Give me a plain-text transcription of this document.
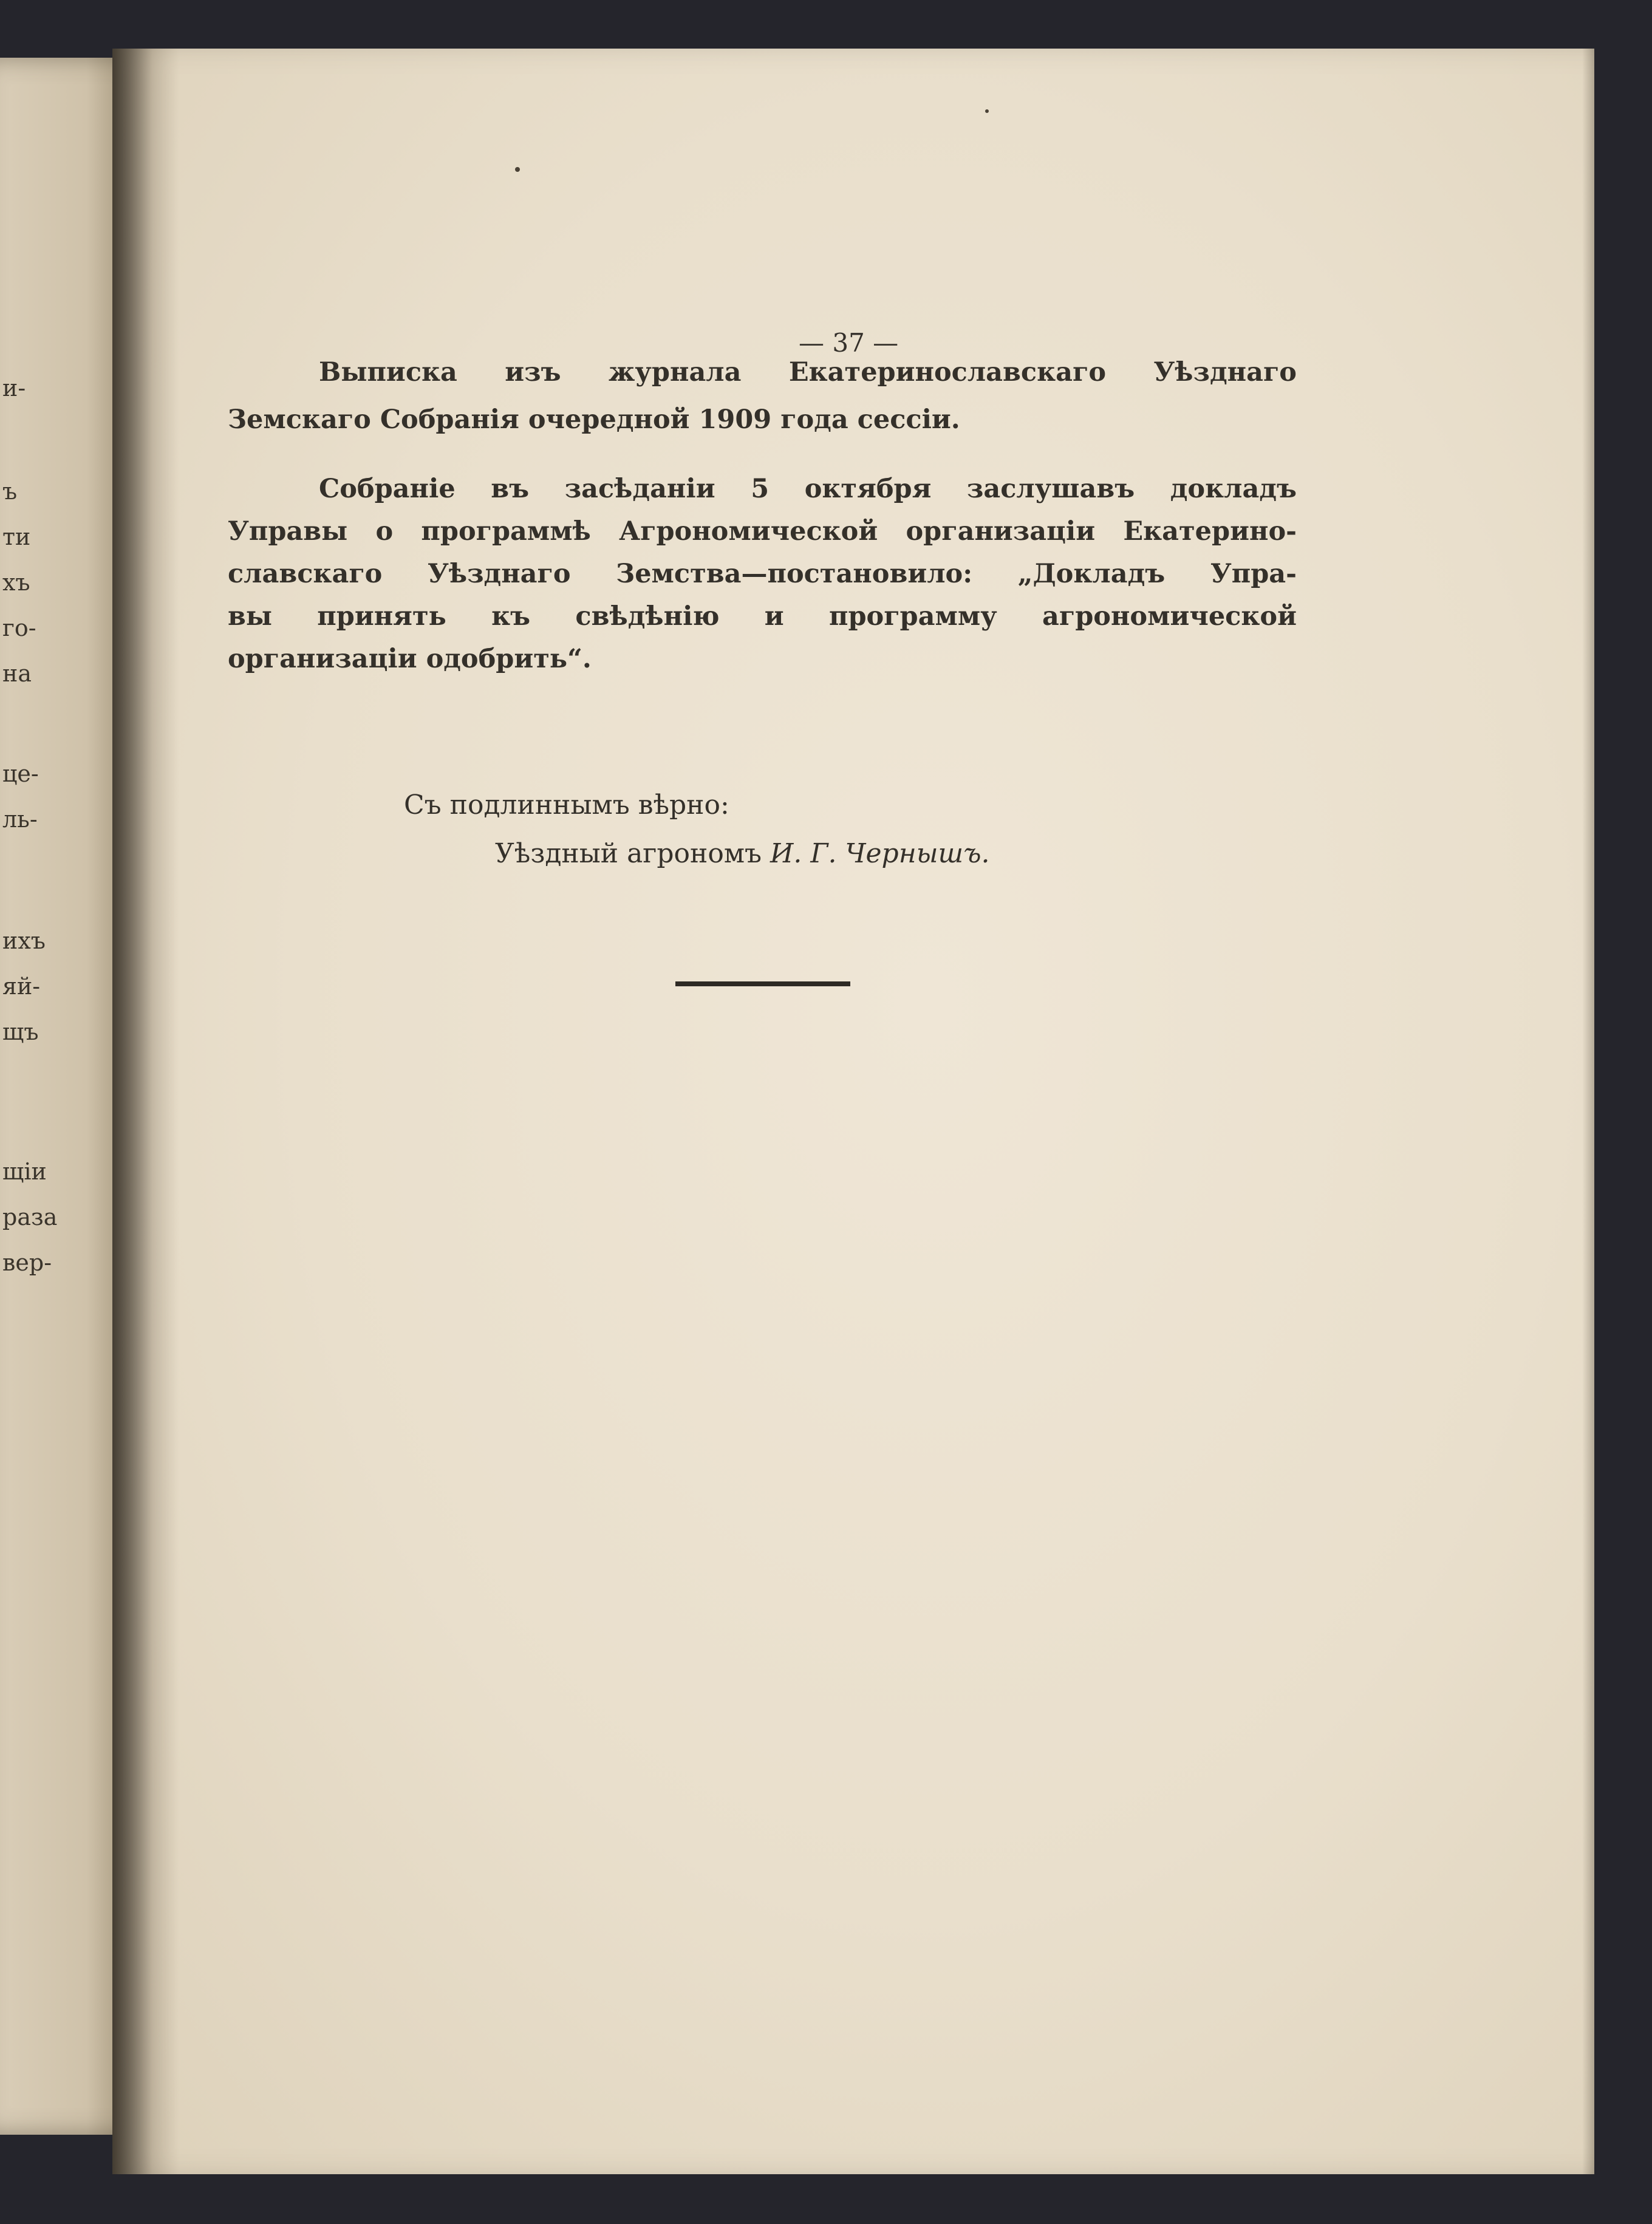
и-
ъ
ти
хъ
го-
на
це-
ль-
ихъ
яй-
щъ
щіи
раза
вер-
— 37 —
Выписка изъ журнала Екатеринославскаго Уѣзднаго
Земскаго Собранія очередной 1909 года сессіи.
Собраніе въ засѣданіи 5 октября заслушавъ докладъ
Управы о программѣ Агрономической организаціи Екатерино-
славскаго Уѣзднаго Земства—постановило: „Докладъ Упра-
вы принять къ свѣдѣнію и программу агрономической
организаціи одобрить“.
Съ подлиннымъ вѣрно:
Уѣздный агрономъ И. Г. Чернышъ.
